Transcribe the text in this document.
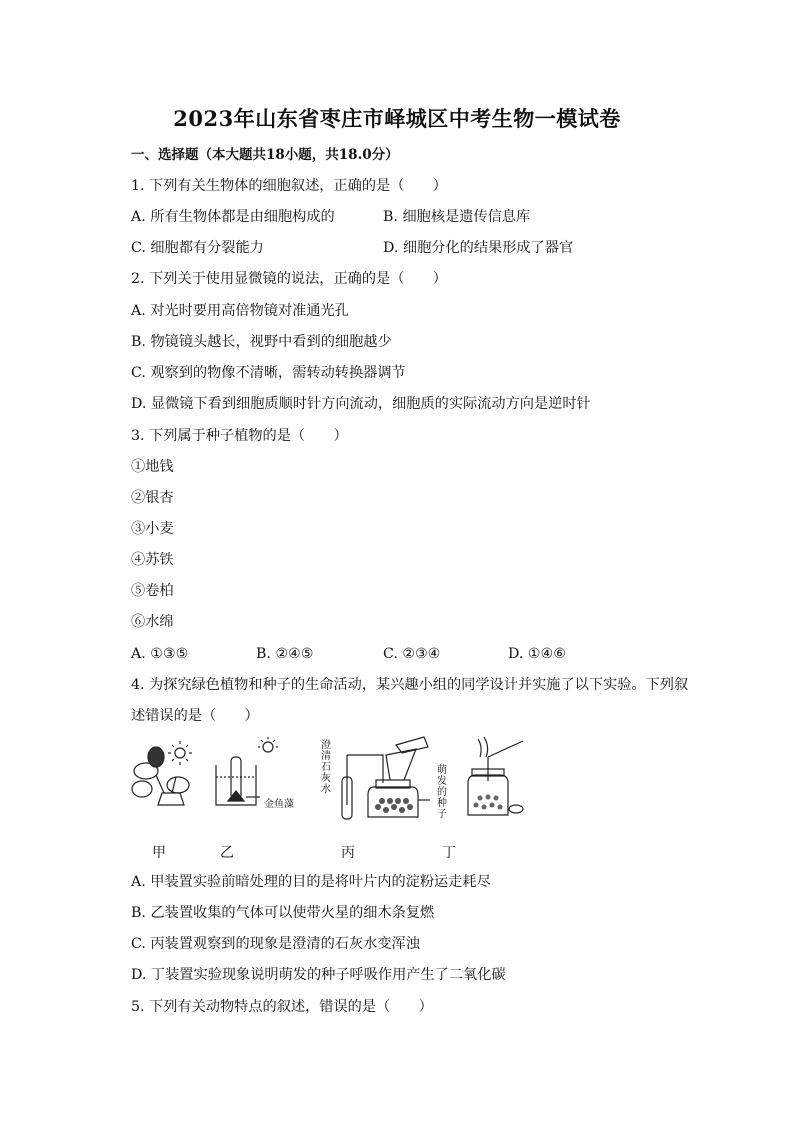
2023年山东省枣庄市峄城区中考生物一模试卷
一、选择题（本大题共18小题，共18.0分）
1. 下列有关生物体的细胞叙述，正确的是（　　）
A. 所有生物体都是由细胞构成的	B. 细胞核是遗传信息库
C. 细胞都有分裂能力	D. 细胞分化的结果形成了器官
2. 下列关于使用显微镜的说法，正确的是（　　）
A. 对光时要用高倍物镜对准通光孔
B. 物镜镜头越长，视野中看到的细胞越少
C. 观察到的物像不清晰，需转动转换器调节
D. 显微镜下看到细胞质顺时针方向流动，细胞质的实际流动方向是逆时针
3. 下列属于种子植物的是（　　）
①地钱
②银杏
③小麦
④苏铁
⑤卷柏
⑥水绵
A. ①③⑤	B. ②④⑤	C. ②③④	D. ①④⑥
4. 为探究绿色植物和种子的生命活动，某兴趣小组的同学设计并实施了以下实验。下列叙
述错误的是（　　）
金鱼藻
澄
清
石
灰
水
萌
发
的
种
子
甲	乙	丙	丁
A. 甲装置实验前暗处理的目的是将叶片内的淀粉运走耗尽
B. 乙装置收集的气体可以使带火星的细木条复燃
C. 丙装置观察到的现象是澄清的石灰水变浑浊
D. 丁装置实验现象说明萌发的种子呼吸作用产生了二氧化碳
5. 下列有关动物特点的叙述，错误的是（　　）
